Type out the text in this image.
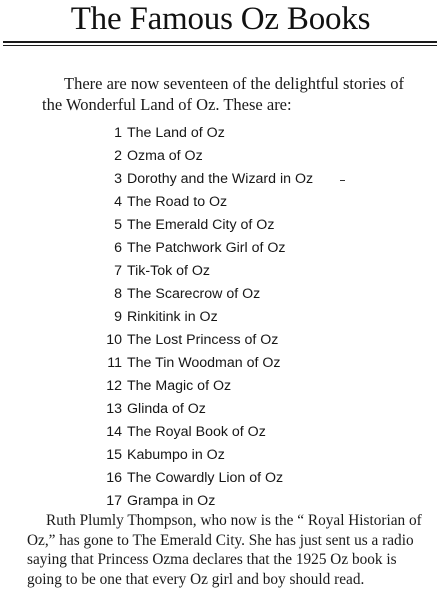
The Famous Oz Books
There are now seventeen of the delightful stories of the Wonderful Land of Oz. These are:
1 The Land of Oz
2 Ozma of Oz
3 Dorothy and the Wizard in Oz
4 The Road to Oz
5 The Emerald City of Oz
6 The Patchwork Girl of Oz
7 Tik-Tok of Oz
8 The Scarecrow of Oz
9 Rinkitink in Oz
10 The Lost Princess of Oz
11 The Tin Woodman of Oz
12 The Magic of Oz
13 Glinda of Oz
14 The Royal Book of Oz
15 Kabumpo in Oz
16 The Cowardly Lion of Oz
17 Grampa in Oz
Ruth Plumly Thompson, who now is the “ Royal Historian of Oz,” has gone to The Emerald City. She has just sent us a radio saying that Princess Ozma declares that the 1925 Oz book is going to be one that every Oz girl and boy should read.
